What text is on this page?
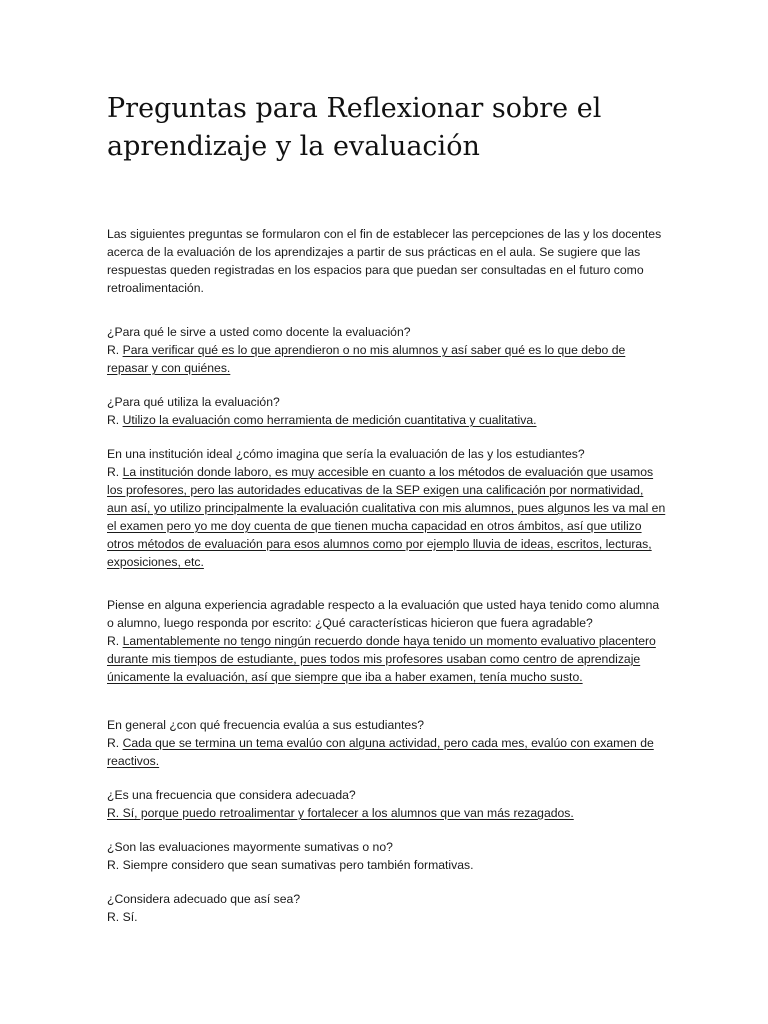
Preguntas para Reflexionar sobre el aprendizaje y la evaluación

Las siguientes preguntas se formularon con el fin de establecer las percepciones de las y los docentes acerca de la evaluación de los aprendizajes a partir de sus prácticas en el aula. Se sugiere que las respuestas queden registradas en los espacios para que puedan ser consultadas en el futuro como retroalimentación.

¿Para qué le sirve a usted como docente la evaluación?
R. Para verificar qué es lo que aprendieron o no mis alumnos y así saber qué es lo que debo de repasar y con quiénes.

¿Para qué utiliza la evaluación?
R. Utilizo la evaluación como herramienta de medición cuantitativa y cualitativa.

En una institución ideal ¿cómo imagina que sería la evaluación de las y los estudiantes?
R. La institución donde laboro, es muy accesible en cuanto a los métodos de evaluación que usamos los profesores, pero las autoridades educativas de la SEP exigen una calificación por normatividad, aun así, yo utilizo principalmente la evaluación cualitativa con mis alumnos, pues algunos les va mal en el examen pero yo me doy cuenta de que tienen mucha capacidad en otros ámbitos, así que utilizo otros métodos de evaluación para esos alumnos como por ejemplo lluvia de ideas, escritos, lecturas, exposiciones, etc.

Piense en alguna experiencia agradable respecto a la evaluación que usted haya tenido como alumna o alumno, luego responda por escrito: ¿Qué características hicieron que fuera agradable?
R. Lamentablemente no tengo ningún recuerdo donde haya tenido un momento evaluativo placentero durante mis tiempos de estudiante, pues todos mis profesores usaban como centro de aprendizaje únicamente la evaluación, así que siempre que iba a haber examen, tenía mucho susto.

En general ¿con qué frecuencia evalúa a sus estudiantes?
R. Cada que se termina un tema evalúo con alguna actividad, pero cada mes, evalúo con examen de reactivos.

¿Es una frecuencia que considera adecuada?
R. Sí, porque puedo retroalimentar y fortalecer a los alumnos que van más rezagados.

¿Son las evaluaciones mayormente sumativas o no?
R. Siempre considero que sean sumativas pero también formativas.

¿Considera adecuado que así sea?
R. Sí.
